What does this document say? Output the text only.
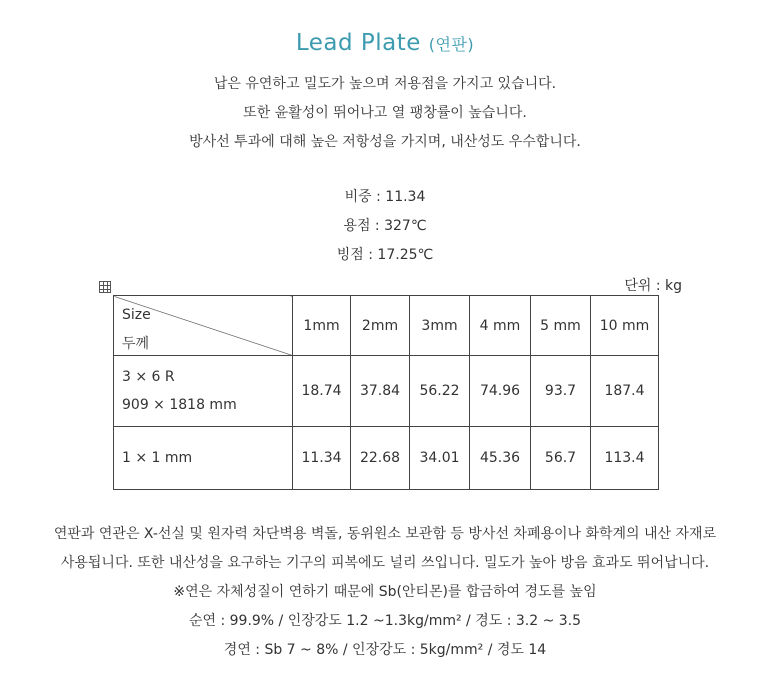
Lead Plate (연판)
납은 유연하고 밀도가 높으며 저용점을 가지고 있습니다.
또한 윤활성이 뛰어나고 열 팽창률이 높습니다.
방사선 투과에 대해 높은 저항성을 가지며, 내산성도 우수합니다.
비중 : 11.34
용점 : 327℃
빙점 : 17.25℃
단위 : kg
Size
두께	1mm	2mm	3mm	4 mm	5 mm	10 mm

3 × 6 R
909 × 1818 mm	18.74	37.84	56.22	74.96	93.7	187.4
1 × 1 mm	11.34	22.68	34.01	45.36	56.7	113.4
연판과 연관은 X-선실 및 원자력 차단벽용 벽돌, 동위원소 보관함 등 방사선 차폐용이나 화학계의 내산 자재로
사용됩니다. 또한 내산성을 요구하는 기구의 피복에도 널리 쓰입니다. 밀도가 높아 방음 효과도 뛰어납니다.
※연은 자체성질이 연하기 때문에 Sb(안티몬)를 합금하여 경도를 높임
순연 : 99.9% / 인장강도 1.2 ~1.3kg/mm² / 경도 : 3.2 ~ 3.5
경연 : Sb 7 ~ 8% / 인장강도 : 5kg/mm² / 경도 14
